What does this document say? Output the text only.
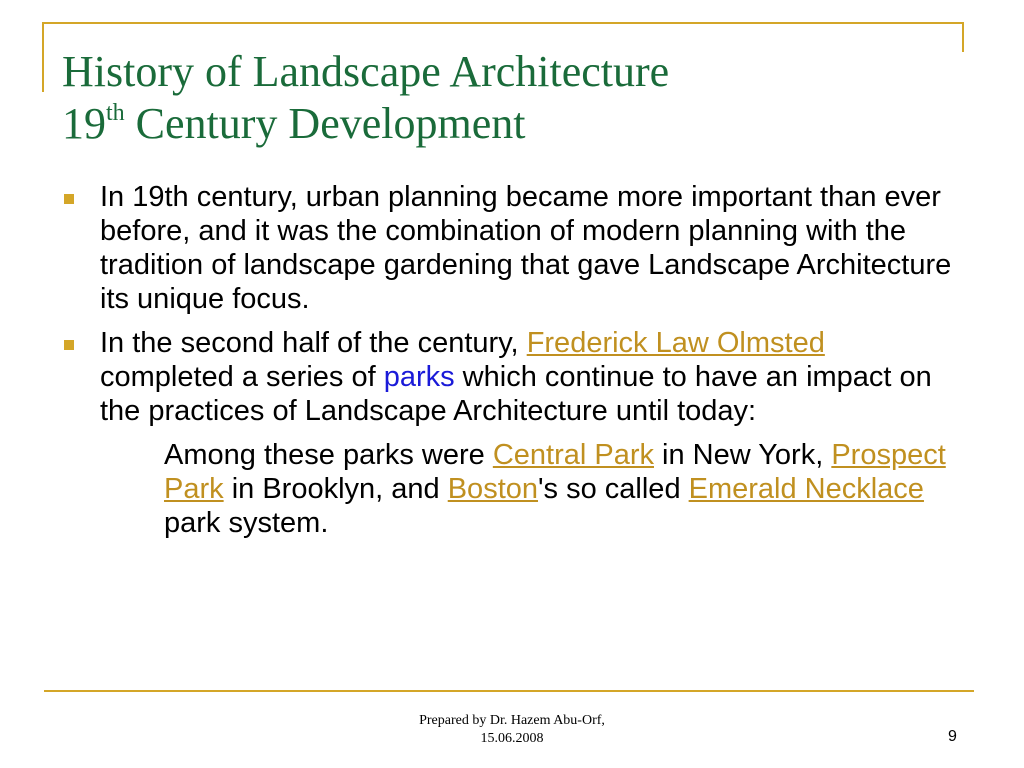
History of Landscape Architecture
19th Century Development

In 19th century, urban planning became more important than ever before, and it was the combination of modern planning with the tradition of landscape gardening that gave Landscape Architecture its unique focus.

In the second half of the century, Frederick Law Olmsted completed a series of parks which continue to have an impact on the practices of Landscape Architecture until today:

Among these parks were Central Park in New York, Prospect Park in Brooklyn, and Boston's so called Emerald Necklace park system.

Prepared by Dr. Hazem Abu-Orf,
15.06.2008	9
